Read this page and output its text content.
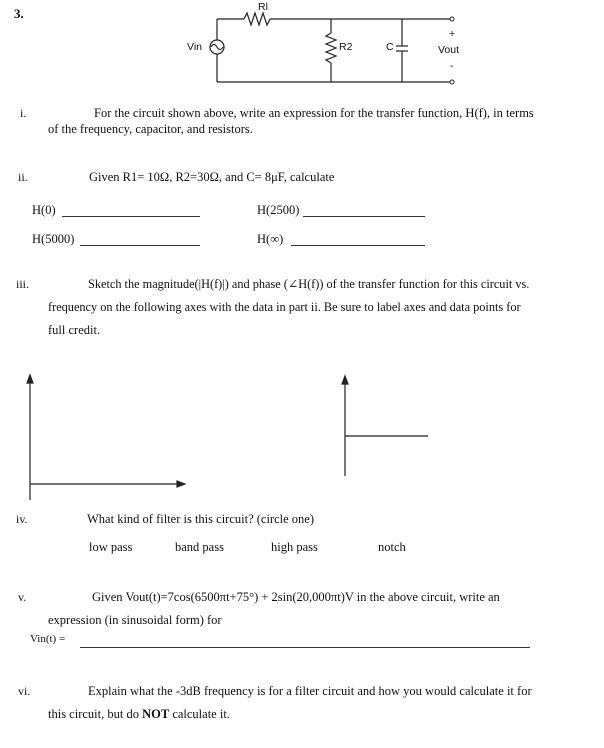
3.	Rl
Vin	R2	C
+
Vout
-
i.	For the circuit shown above, write an expression for the transfer function, H(f), in terms
of the frequency, capacitor, and resistors.
ii.	Given R1= 10Ω, R2=30Ω, and C= 8μF, calculate
H(0)	H(2500)
H(5000)	H(∞)
iii.	Sketch the magnitude(|H(f)|) and phase (∠H(f)) of the transfer function for this circuit vs.
frequency on the following axes with the data in part ii. Be sure to label axes and data points for
full credit.
iv.	What kind of filter is this circuit? (circle one)
low pass	band pass	high pass	notch
v.	Given Vout(t)=7cos(6500πt+75°) + 2sin(20,000πt)V in the above circuit, write an
expression (in sinusoidal form) for
Vin(t) =
vi.	Explain what the -3dB frequency is for a filter circuit and how you would calculate it for
this circuit, but do NOT calculate it.
